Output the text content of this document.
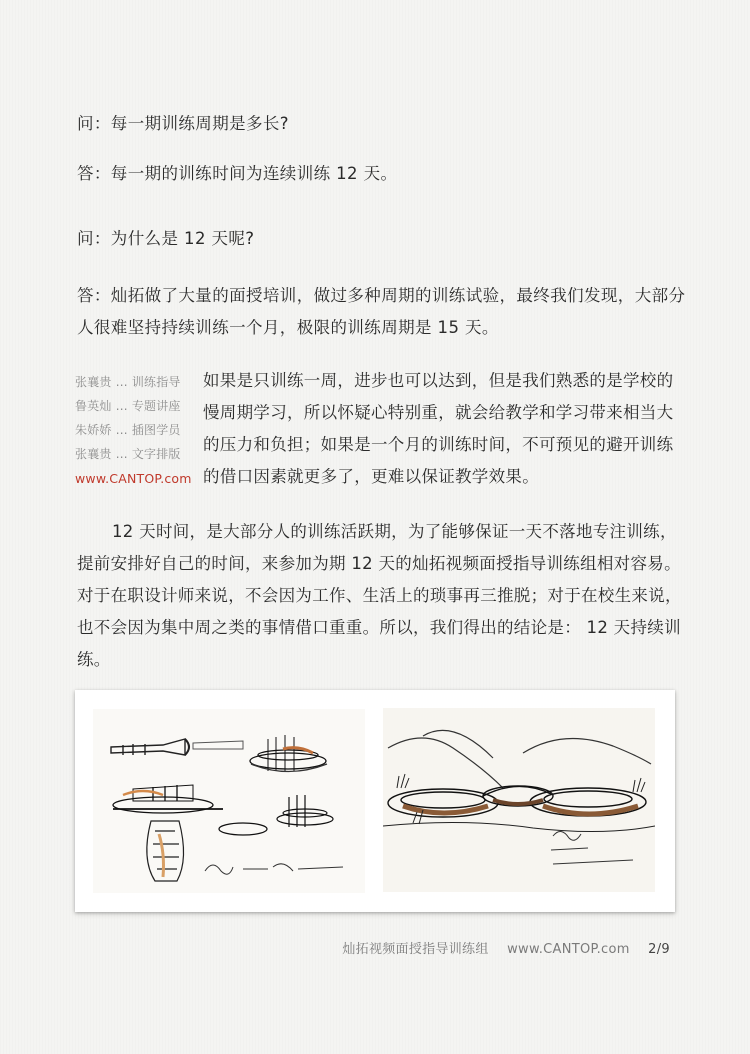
问：每一期训练周期是多长?
答：每一期的训练时间为连续训练 12 天。
问：为什么是 12 天呢?
答：灿拓做了大量的面授培训，做过多种周期的训练试验，最终我们发现，大部分人很难坚持持续训练一个月，极限的训练周期是 15 天。
张襄贵 … 训练指导
鲁英灿 … 专题讲座
朱娇娇 … 插图学员
张襄贵 … 文字排版
www.CANTOP.com
如果是只训练一周，进步也可以达到，但是我们熟悉的是学校的慢周期学习，所以怀疑心特别重，就会给教学和学习带来相当大的压力和负担；如果是一个月的训练时间，不可预见的避开训练的借口因素就更多了，更难以保证教学效果。
12 天时间，是大部分人的训练活跃期，为了能够保证一天不落地专注训练，提前安排好自己的时间，来参加为期 12 天的灿拓视频面授指导训练组相对容易。对于在职设计师来说，不会因为工作、生活上的琐事再三推脱；对于在校生来说，也不会因为集中周之类的事情借口重重。所以，我们得出的结论是： 12 天持续训练。
灿拓视频面授指导训练组 www.CANTOP.com 2/9
